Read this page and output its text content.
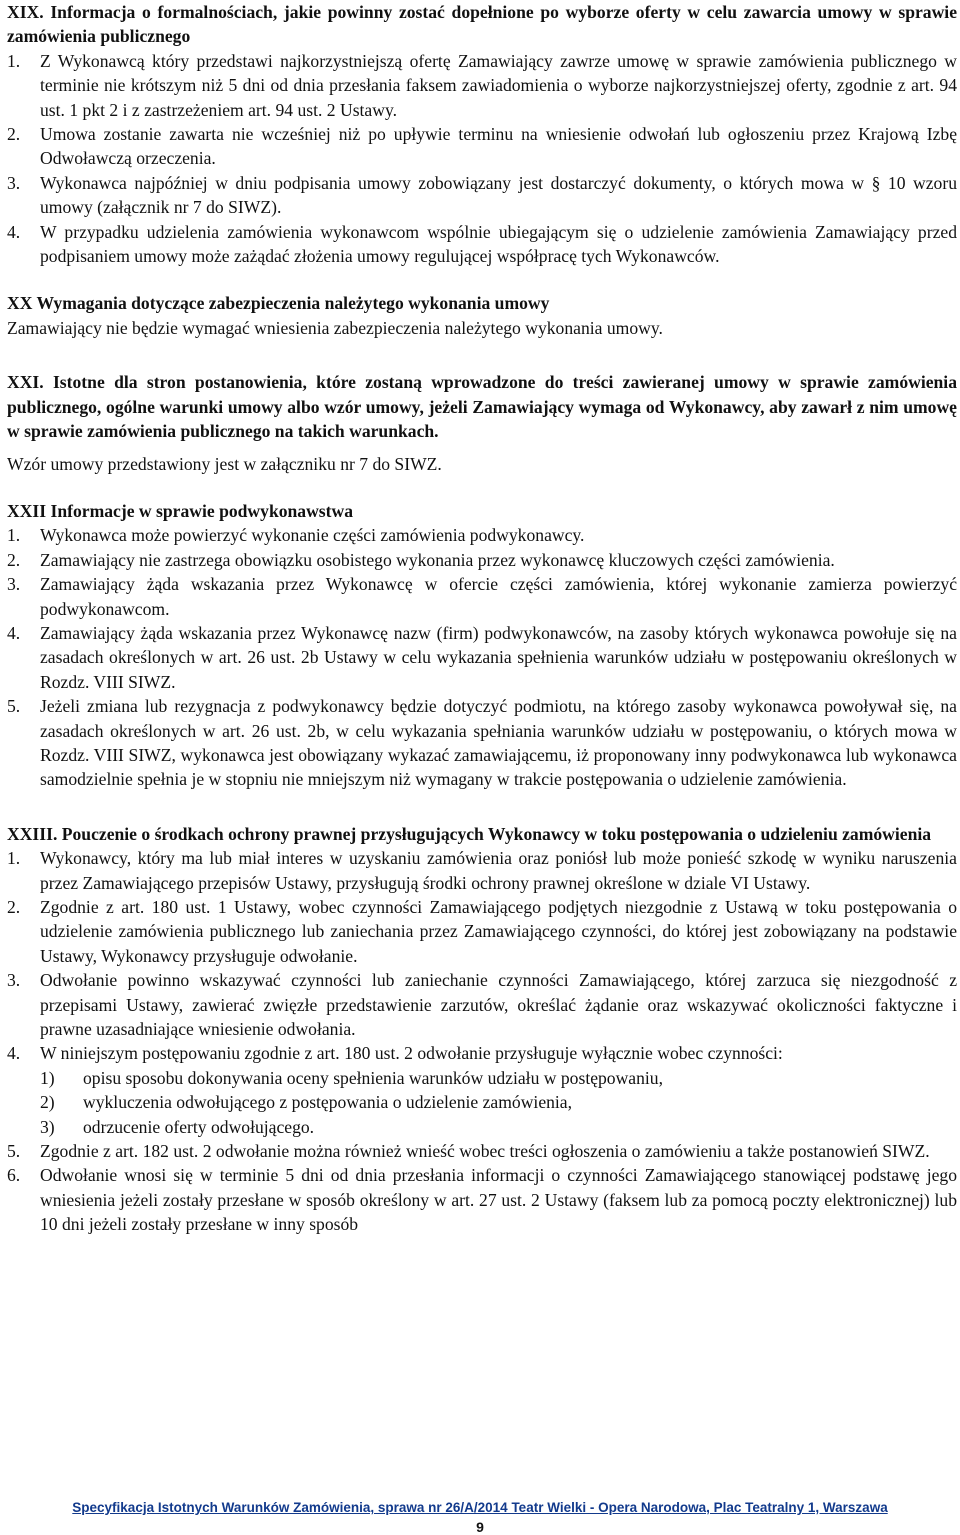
XIX. Informacja o formalnościach, jakie powinny zostać dopełnione po wyborze oferty w celu zawarcia umowy w sprawie zamówienia publicznego

1. Z Wykonawcą który przedstawi najkorzystniejszą ofertę Zamawiający zawrze umowę w sprawie zamówienia publicznego w terminie nie krótszym niż 5 dni od dnia przesłania faksem zawiadomienia o wyborze najkorzystniejszej oferty, zgodnie z art. 94 ust. 1 pkt 2 i z zastrzeżeniem art. 94 ust. 2 Ustawy.
2. Umowa zostanie zawarta nie wcześniej niż po upływie terminu na wniesienie odwołań lub ogłoszeniu przez Krajową Izbę Odwoławczą orzeczenia.
3. Wykonawca najpóźniej w dniu podpisania umowy zobowiązany jest dostarczyć dokumenty, o których mowa w § 10 wzoru umowy (załącznik nr 7 do SIWZ).
4. W przypadku udzielenia zamówienia wykonawcom wspólnie ubiegającym się o udzielenie zamówienia Zamawiający przed podpisaniem umowy może zażądać złożenia umowy regulującej współpracę tych Wykonawców.

XX Wymagania dotyczące zabezpieczenia należytego wykonania umowy

Zamawiający nie będzie wymagać wniesienia zabezpieczenia należytego wykonania umowy.

XXI. Istotne dla stron postanowienia, które zostaną wprowadzone do treści zawieranej umowy w sprawie zamówienia publicznego, ogólne warunki umowy albo wzór umowy, jeżeli Zamawiający wymaga od Wykonawcy, aby zawarł z nim umowę w sprawie zamówienia publicznego na takich warunkach.

Wzór umowy przedstawiony jest w załączniku nr 7 do SIWZ.

XXII Informacje w sprawie podwykonawstwa

1. Wykonawca może powierzyć wykonanie części zamówienia podwykonawcy.
2. Zamawiający nie zastrzega obowiązku osobistego wykonania przez wykonawcę kluczowych części zamówienia.
3. Zamawiający żąda wskazania przez Wykonawcę w ofercie części zamówienia, której wykonanie zamierza powierzyć podwykonawcom.
4. Zamawiający żąda wskazania przez Wykonawcę nazw (firm) podwykonawców, na zasoby których wykonawca powołuje się na zasadach określonych w art. 26 ust. 2b Ustawy w celu wykazania spełnienia warunków udziału w postępowaniu określonych w Rozdz. VIII SIWZ.
5. Jeżeli zmiana lub rezygnacja z podwykonawcy będzie dotyczyć podmiotu, na którego zasoby wykonawca powoływał się, na zasadach określonych w art. 26 ust. 2b, w celu wykazania spełniania warunków udziału w postępowaniu, o których mowa w Rozdz. VIII SIWZ, wykonawca jest obowiązany wykazać zamawiającemu, iż proponowany inny podwykonawca lub wykonawca samodzielnie spełnia je w stopniu nie mniejszym niż wymagany w trakcie postępowania o udzielenie zamówienia.

XXIII. Pouczenie o środkach ochrony prawnej przysługujących Wykonawcy w toku postępowania o udzieleniu zamówienia

1. Wykonawcy, który ma lub miał interes w uzyskaniu zamówienia oraz poniósł lub może ponieść szkodę w wyniku naruszenia przez Zamawiającego przepisów Ustawy, przysługują środki ochrony prawnej określone w dziale VI Ustawy.
2. Zgodnie z art. 180 ust. 1 Ustawy, wobec czynności Zamawiającego podjętych niezgodnie z Ustawą w toku postępowania o udzielenie zamówienia publicznego lub zaniechania przez Zamawiającego czynności, do której jest zobowiązany na podstawie Ustawy, Wykonawcy przysługuje odwołanie.
3. Odwołanie powinno wskazywać czynności lub zaniechanie czynności Zamawiającego, której zarzuca się niezgodność z przepisami Ustawy, zawierać zwięzłe przedstawienie zarzutów, określać żądanie oraz wskazywać okoliczności faktyczne i prawne uzasadniające wniesienie odwołania.
4. W niniejszym postępowaniu zgodnie z art. 180 ust. 2 odwołanie przysługuje wyłącznie wobec czynności:
1) opisu sposobu dokonywania oceny spełnienia warunków udziału w postępowaniu,
2) wykluczenia odwołującego z postępowania o udzielenie zamówienia,
3) odrzucenie oferty odwołującego.
5. Zgodnie z art. 182 ust. 2 odwołanie można również wnieść wobec treści ogłoszenia o zamówieniu a także postanowień SIWZ.
6. Odwołanie wnosi się w terminie 5 dni od dnia przesłania informacji o czynności Zamawiającego stanowiącej podstawę jego wniesienia jeżeli zostały przesłane w sposób określony w art. 27 ust. 2 Ustawy (faksem lub za pomocą poczty elektronicznej) lub 10 dni jeżeli zostały przesłane w inny sposób
Specyfikacja Istotnych Warunków Zamówienia, sprawa nr 26/A/2014 Teatr Wielki - Opera Narodowa, Plac Teatralny 1, Warszawa
9
